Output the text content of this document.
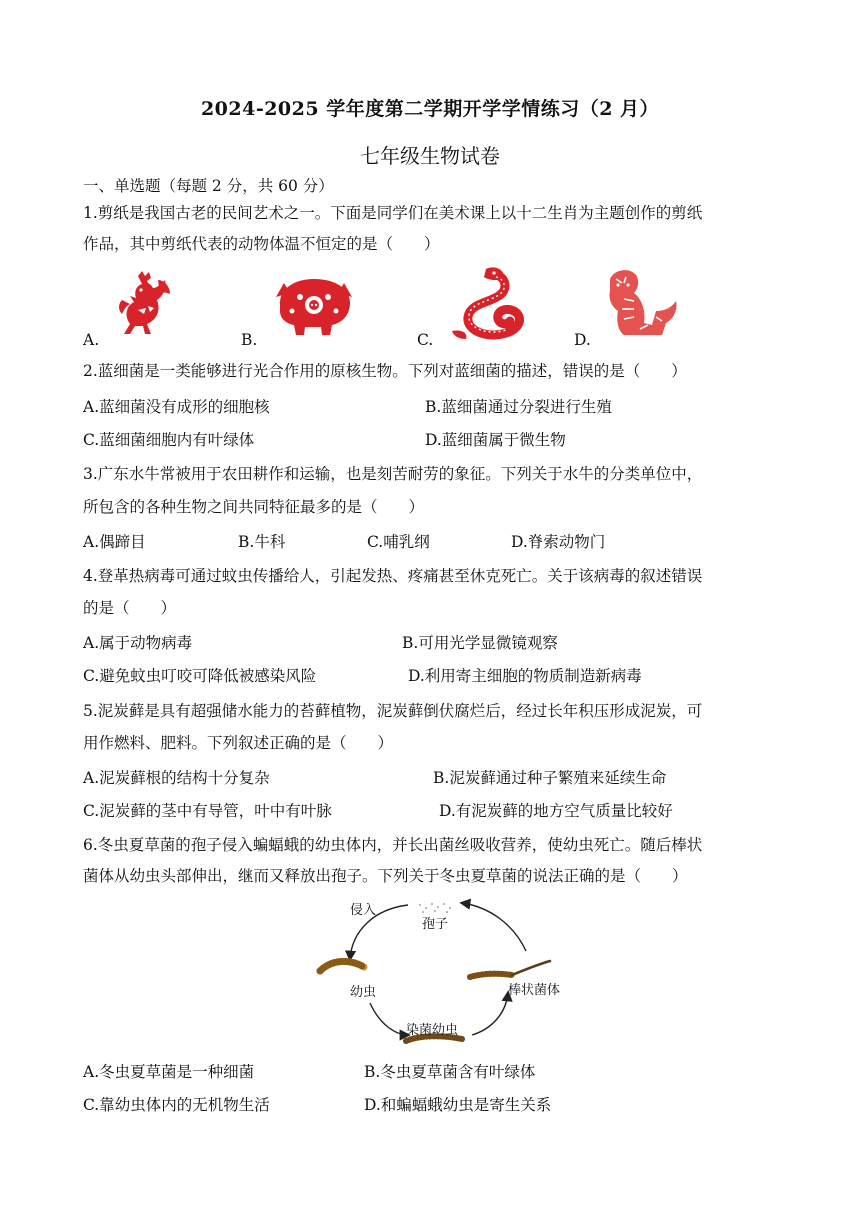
2024-2025 学年度第二学期开学学情练习（2 月）
七年级生物试卷
一、单选题（每题 2 分，共 60 分）
1.剪纸是我国古老的民间艺术之一。下面是同学们在美术课上以十二生肖为主题创作的剪纸
作品，其中剪纸代表的动物体温不恒定的是（　　）
A.	B.	C.	D.
2.蓝细菌是一类能够进行光合作用的原核生物。下列对蓝细菌的描述，错误的是（　　）
A.蓝细菌没有成形的细胞核	B.蓝细菌通过分裂进行生殖
C.蓝细菌细胞内有叶绿体	D.蓝细菌属于微生物
3.广东水牛常被用于农田耕作和运输，也是刻苦耐劳的象征。下列关于水牛的分类单位中，
所包含的各种生物之间共同特征最多的是（　　）
A.偶蹄目	B.牛科	C.哺乳纲	D.脊索动物门
4.登革热病毒可通过蚊虫传播给人，引起发热、疼痛甚至休克死亡。关于该病毒的叙述错误
的是（　　）
A.属于动物病毒	B.可用光学显微镜观察
C.避免蚊虫叮咬可降低被感染风险	D.利用寄主细胞的物质制造新病毒
5.泥炭藓是具有超强储水能力的苔藓植物，泥炭藓倒伏腐烂后，经过长年积压形成泥炭，可
用作燃料、肥料。下列叙述正确的是（　　）
A.泥炭藓根的结构十分复杂	B.泥炭藓通过种子繁殖来延续生命
C.泥炭藓的茎中有导管，叶中有叶脉	D.有泥炭藓的地方空气质量比较好
6.冬虫夏草菌的孢子侵入蝙蝠蛾的幼虫体内，并长出菌丝吸收营养，使幼虫死亡。随后棒状
菌体从幼虫头部伸出，继而又释放出孢子。下列关于冬虫夏草菌的说法正确的是（　　）
侵入
孢子
幼虫	棒状菌体
染菌幼虫
A.冬虫夏草菌是一种细菌	B.冬虫夏草菌含有叶绿体
C.靠幼虫体内的无机物生活	D.和蝙蝠蛾幼虫是寄生关系
